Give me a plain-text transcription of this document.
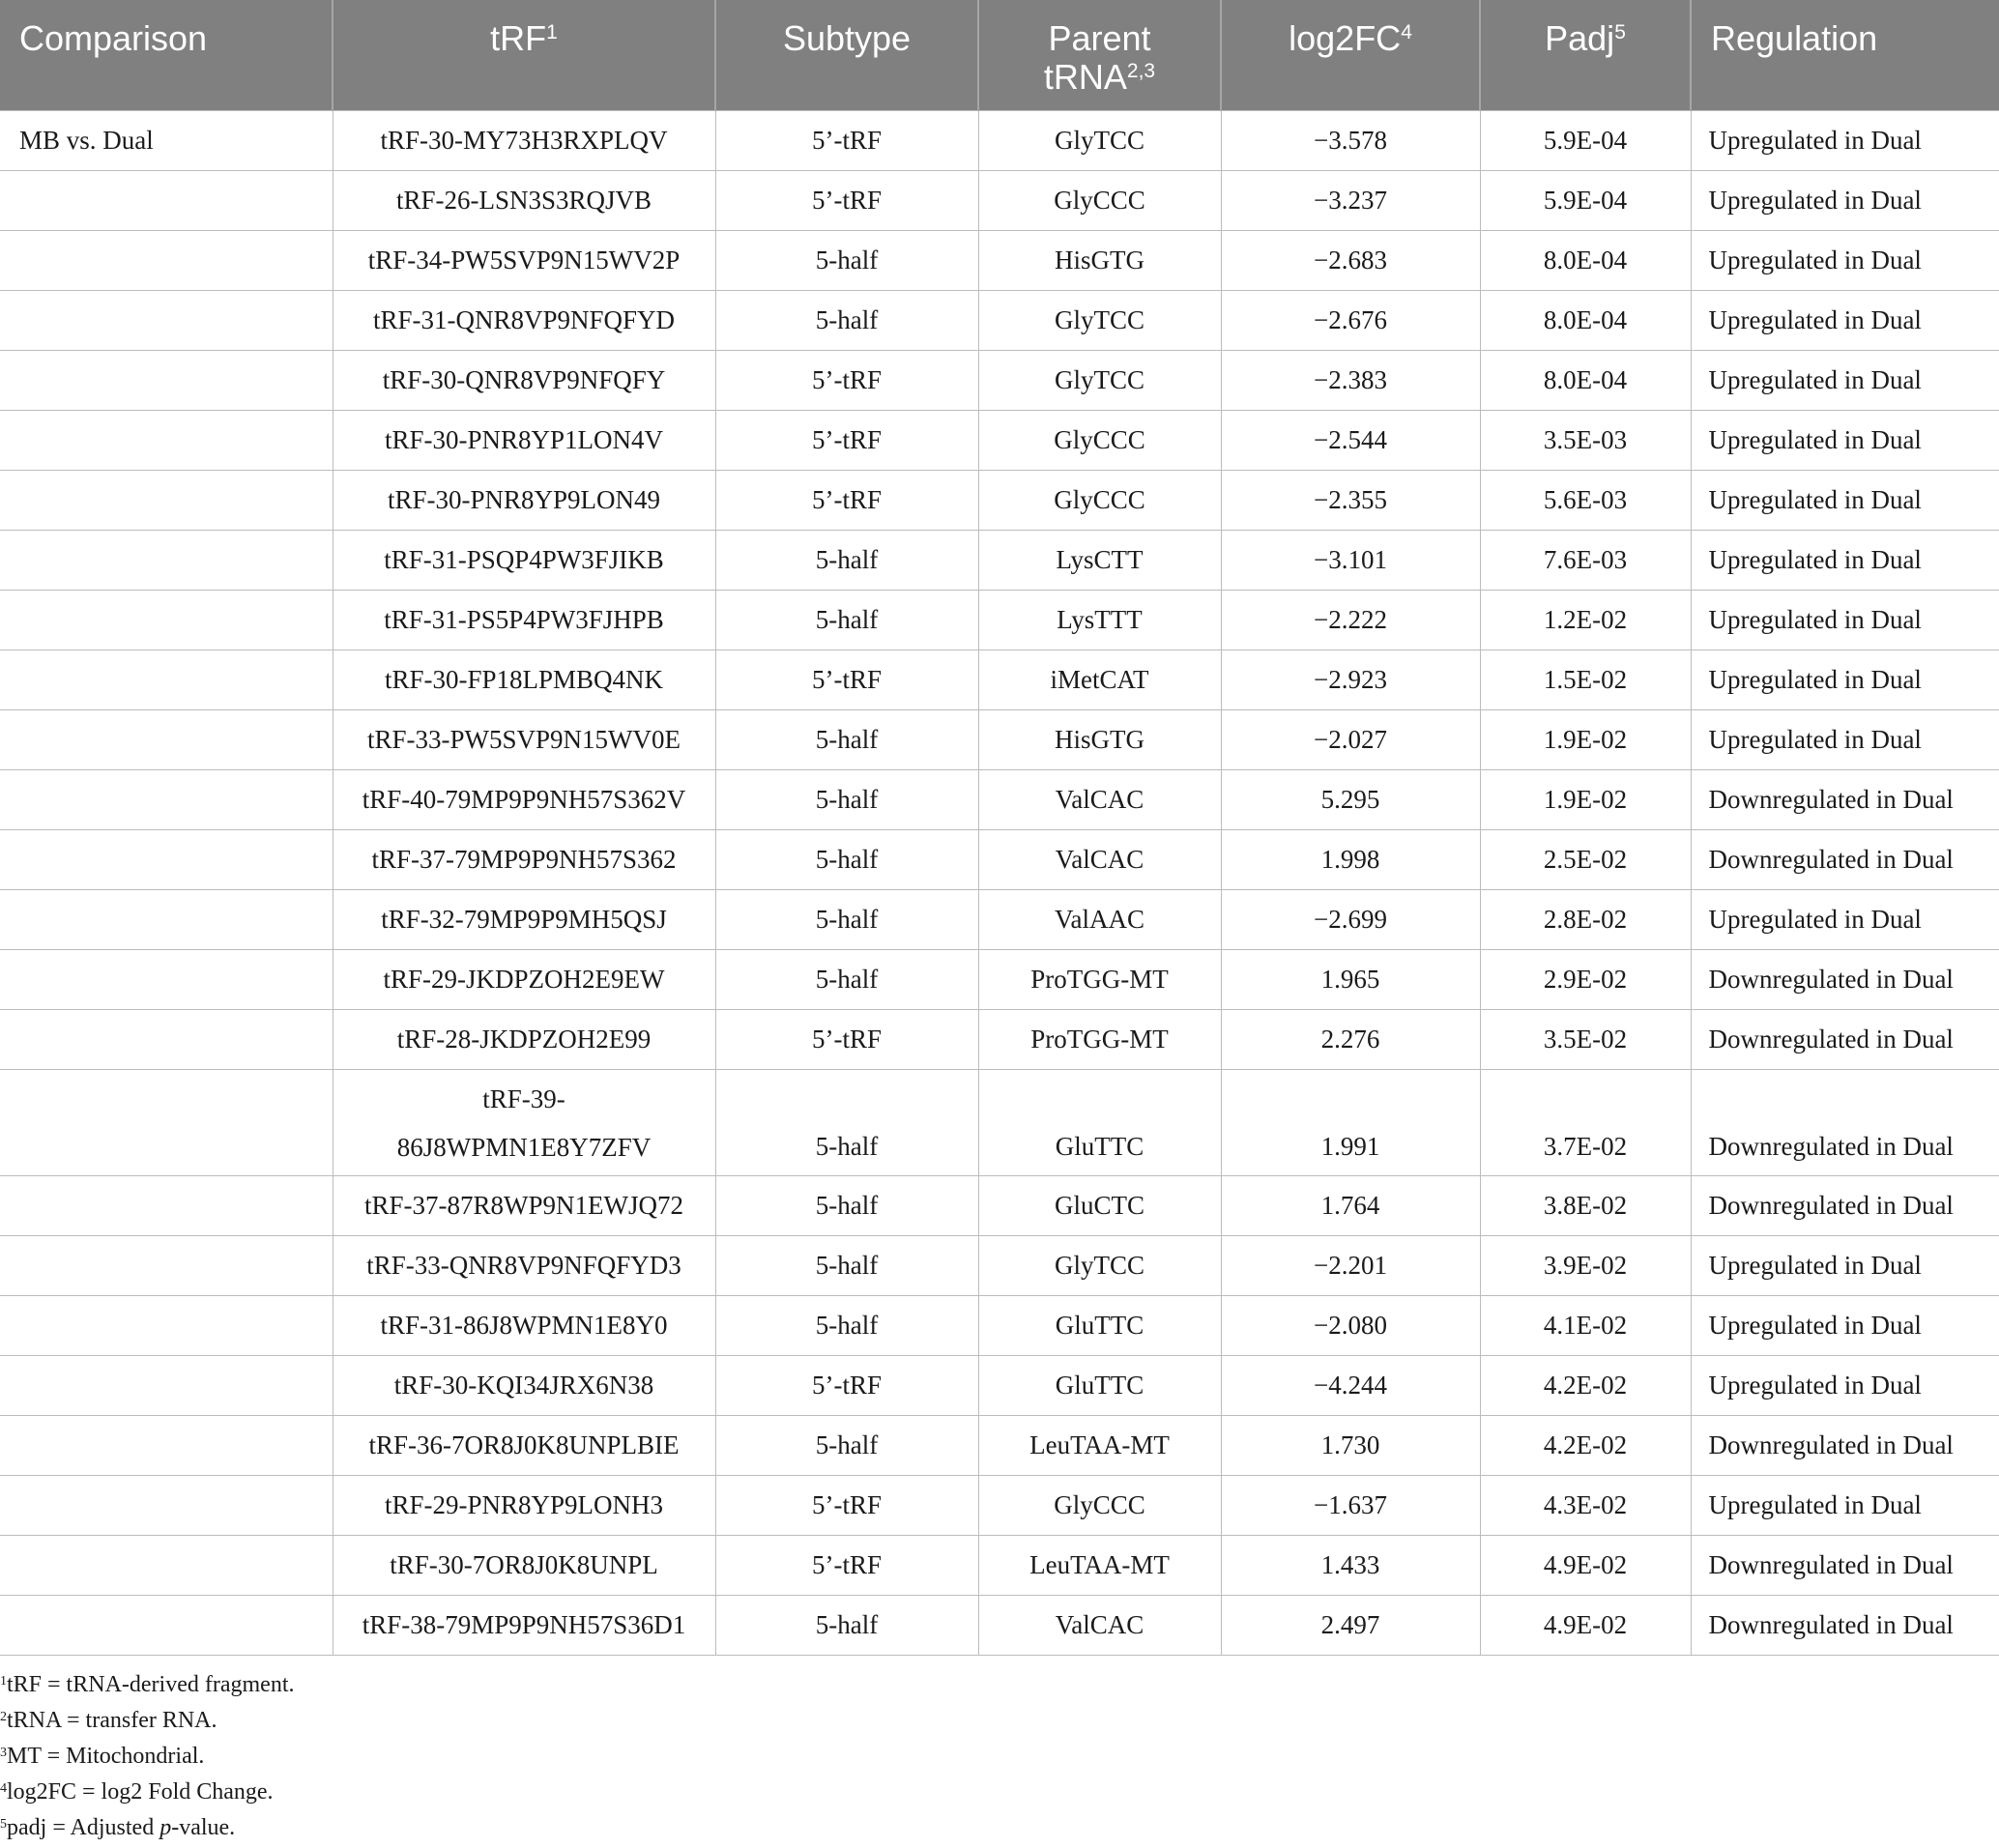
Comparison	tRF$^1$	Subtype	Parent tRNA$^{2,3}$	$\log 2FC^4$	Padj$^5$	Regulation
MB vs. Dual	tRF-30-MY73H3RXPLQV	5’-tRF	GlyTCC	−3.578	5.9E-04	Upregulated in Dual
	tRF-26-LSN3S3RQJVB	5’-tRF	GlyCCC	−3.237	5.9E-04	Upregulated in Dual
	tRF-34-PW5SVP9N15WV2P	5-half	HisGTG	−2.683	8.0E-04	Upregulated in Dual
	tRF-31-QNR8VP9NFQFYD	5-half	GlyTCC	−2.676	8.0E-04	Upregulated in Dual
	tRF-30-QNR8VP9NFQFY	5’-tRF	GlyTCC	−2.383	8.0E-04	Upregulated in Dual
	tRF-30-PNR8YP1LON4V	5’-tRF	GlyCCC	−2.544	3.5E-03	Upregulated in Dual
	tRF-30-PNR8YP9LON49	5’-tRF	GlyCCC	−2.355	5.6E-03	Upregulated in Dual
	tRF-31-PSQP4PW3FJIKB	5-half	LysCTT	−3.101	7.6E-03	Upregulated in Dual
	tRF-31-PS5P4PW3FJHPB	5-half	LysTTT	−2.222	1.2E-02	Upregulated in Dual
	tRF-30-FP18LPMBQ4NK	5’-tRF	iMetCAT	−2.923	1.5E-02	Upregulated in Dual
	tRF-33-PW5SVP9N15WV0E	5-half	HisGTG	−2.027	1.9E-02	Upregulated in Dual
	tRF-40-79MP9P9NH57S362V	5-half	ValCAC	5.295	1.9E-02	Downregulated in Dual
	tRF-37-79MP9P9NH57S362	5-half	ValCAC	1.998	2.5E-02	Downregulated in Dual
	tRF-32-79MP9P9MH5QSJ	5-half	ValAAC	−2.699	2.8E-02	Upregulated in Dual
	tRF-29-JKDPZOH2E9EW	5-half	ProTGG-MT	1.965	2.9E-02	Downregulated in Dual
	tRF-28-JKDPZOH2E99	5’-tRF	ProTGG-MT	2.276	3.5E-02	Downregulated in Dual
	tRF-39-86J8WPMN1E8Y7ZFV	5-half	GluTTC	1.991	3.7E-02	Downregulated in Dual
	tRF-37-87R8WP9N1EWJQ72	5-half	GluCTC	1.764	3.8E-02	Downregulated in Dual
	tRF-33-QNR8VP9NFQFYD3	5-half	GlyTCC	−2.201	3.9E-02	Upregulated in Dual
	tRF-31-86J8WPMN1E8Y0	5-half	GluTTC	−2.080	4.1E-02	Upregulated in Dual
	tRF-30-KQI34JRX6N38	5’-tRF	GluTTC	−4.244	4.2E-02	Upregulated in Dual
	tRF-36-7OR8J0K8UNPLBIE	5-half	LeuTAA-MT	1.730	4.2E-02	Downregulated in Dual
	tRF-29-PNR8YP9LONH3	5’-tRF	GlyCCC	−1.637	4.3E-02	Upregulated in Dual
	tRF-30-7OR8J0K8UNPL	5’-tRF	LeuTAA-MT	1.433	4.9E-02	Downregulated in Dual
	tRF-38-79MP9P9NH57S36D1	5-half	ValCAC	2.497	4.9E-02	Downregulated in Dual
$^1$tRF = tRNA-derived fragment.
$^2$tRNA = transfer RNA.
$^3$MT = Mitochondrial.
$^4$log2FC = log2 Fold Change.
$^5$padj = Adjusted p-value.
